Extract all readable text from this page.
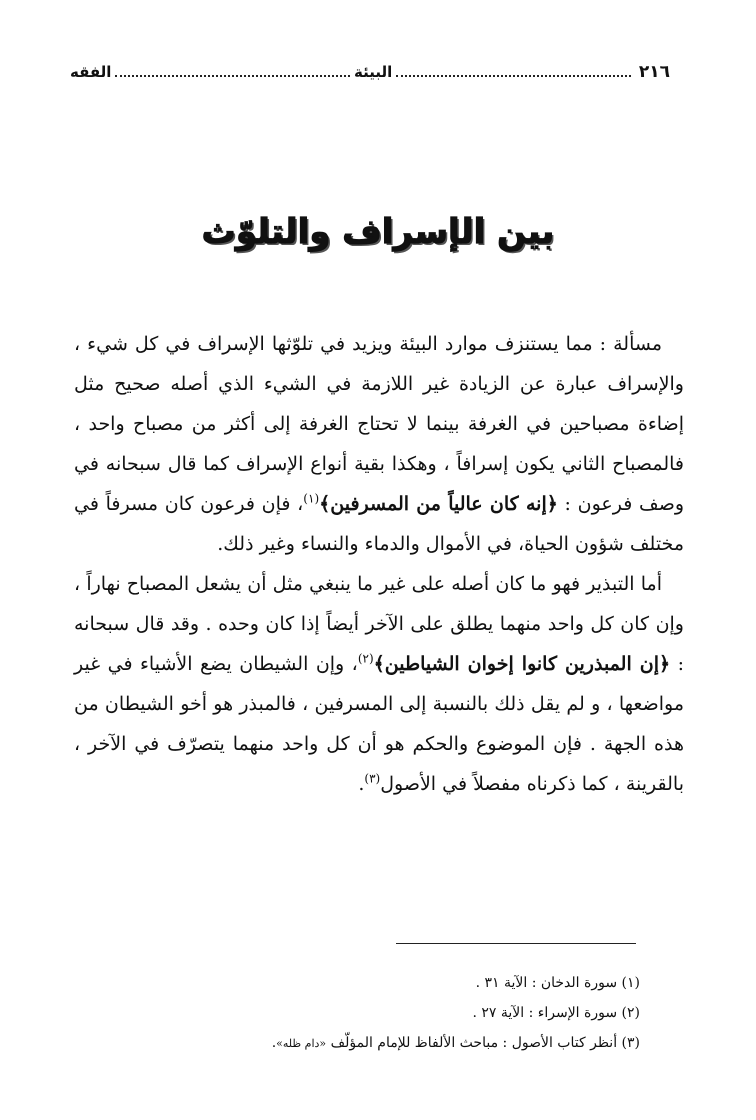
٢١٦
البيئة
الفقه
بين الإسراف والتلوّث

مسألة : مما يستنزف موارد البيئة ويزيد في تلوّثها الإسراف في كل شيء ، والإسراف عبارة عن الزيادة غير اللازمة في الشيء الذي أصله صحيح مثل إضاءة مصباحين في الغرفة بينما لا تحتاج الغرفة إلى أكثر من مصباح واحد ، فالمصباح الثاني يكون إسرافاً ، وهكذا بقية أنواع الإسراف كما قال سبحانه في وصف فرعون : ﴿إنه كان عالياً من المسرفين﴾$^{(١)}$، فإن فرعون كان مسرفاً في مختلف شؤون الحياة، في الأموال والدماء والنساء وغير ذلك.

أما التبذير فهو ما كان أصله على غير ما ينبغي مثل أن يشعل المصباح نهاراً ، وإن كان كل واحد منهما يطلق على الآخر أيضاً إذا كان وحده . وقد قال سبحانه : ﴿إن المبذرين كانوا إخوان الشياطين﴾$^{(٢)}$، وإن الشيطان يضع الأشياء في غير مواضعها ، و لم يقل ذلك بالنسبة إلى المسرفين ، فالمبذر هو أخو الشيطان من هذه الجهة . فإن الموضوع والحكم هو أن كل واحد منهما يتصرّف في الآخر ، بالقرينة ، كما ذكرناه مفصلاً في الأصول$^{(٣)}$.

(١) سورة الدخان : الآية ٣١ .
(٢) سورة الإسراء : الآية ٢٧ .
(٣) أنظر كتاب الأصول : مباحث الألفاظ للإمام المؤلّف «دام ظله».
